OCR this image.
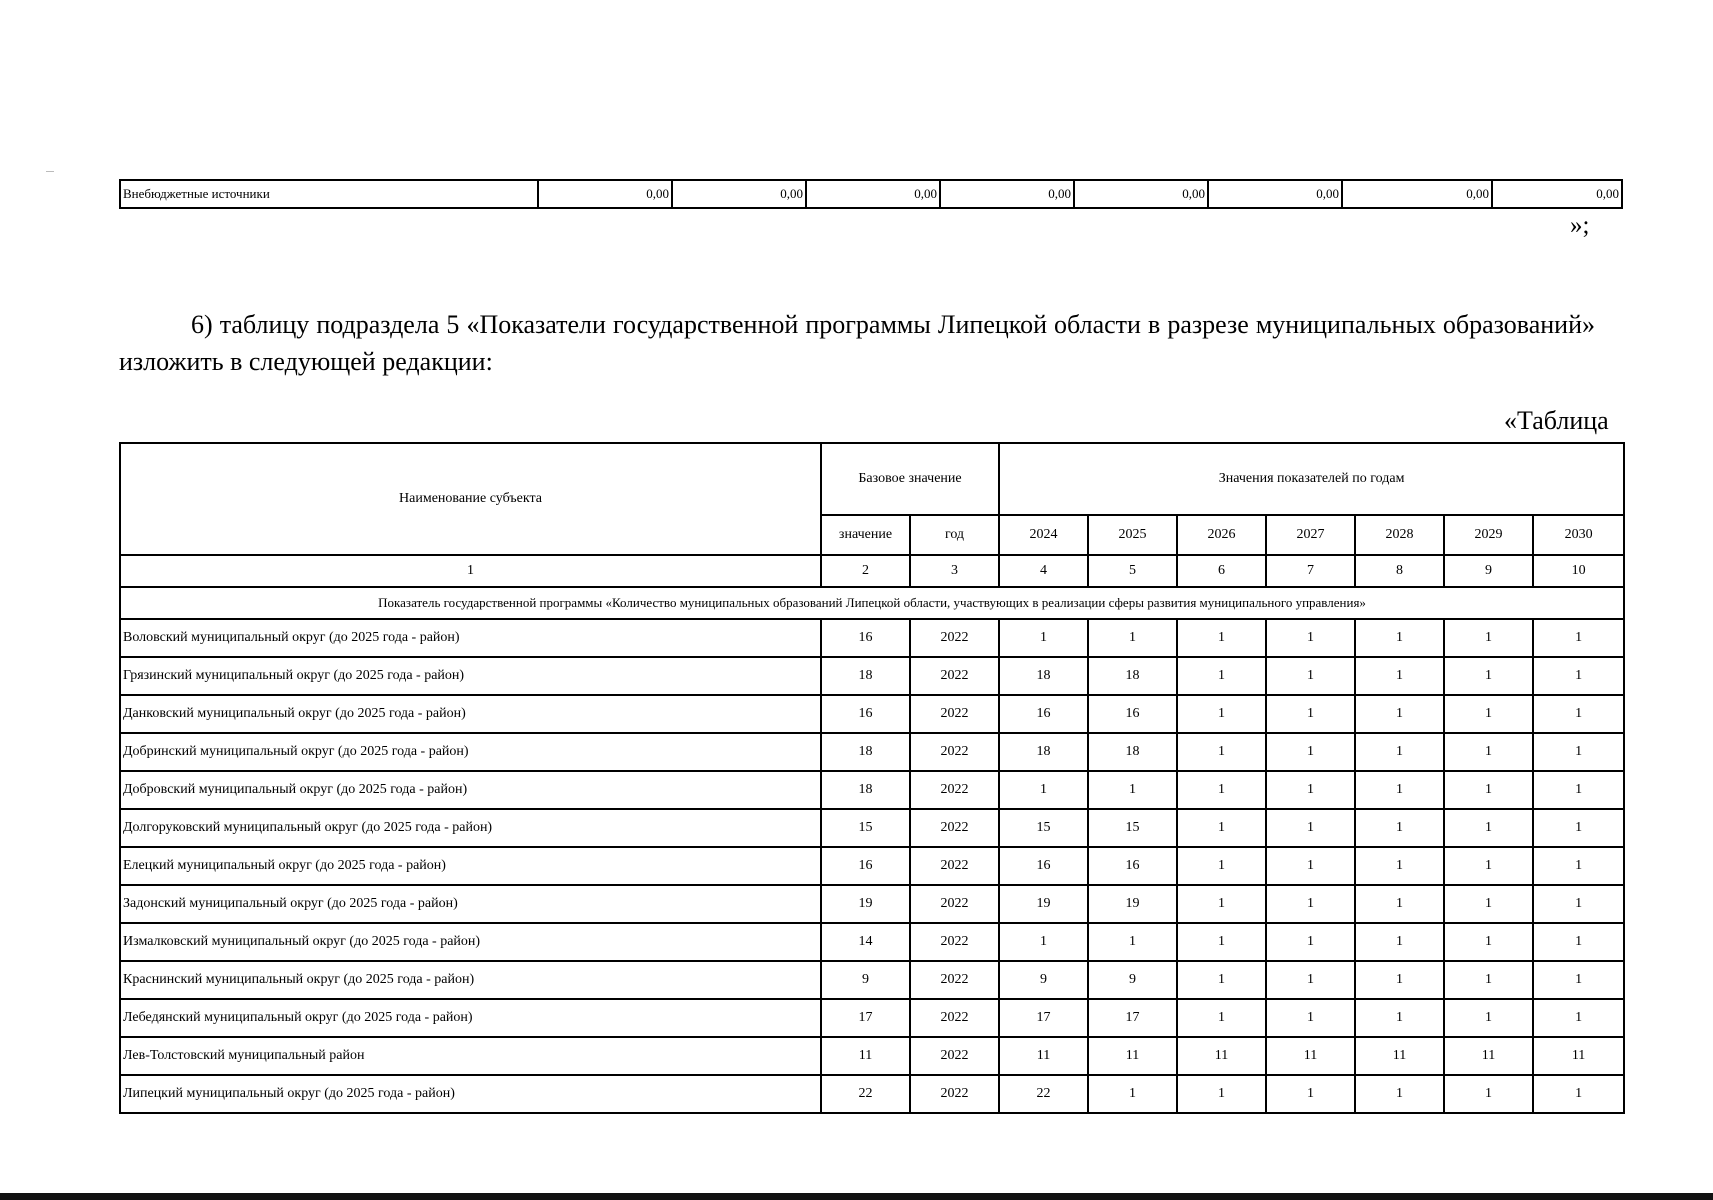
Внебюджетные источники	0,00	0,00	0,00	0,00	0,00	0,00	0,00	0,00
»;
6) таблицу подраздела 5 «Показатели государственной программы Липецкой области в разрезе муниципальных образований» изложить в следующей редакции:
«Таблица
Наименование субъекта	Базовое значение		Значения показателей по годам						
	значение	год	2024	2025	2026	2027	2028	2029	2030
1	2	3	4	5	6	7	8	9	10
Показатель государственной программы «Количество муниципальных образований Липецкой области, участвующих в реализации сферы развития муниципального управления»									
Воловский муниципальный округ (до 2025 года - район)	16	2022	1	1	1	1	1	1	1
Грязинский муниципальный округ (до 2025 года - район)	18	2022	18	18	1	1	1	1	1
Данковский муниципальный округ (до 2025 года - район)	16	2022	16	16	1	1	1	1	1
Добринский муниципальный округ (до 2025 года - район)	18	2022	18	18	1	1	1	1	1
Добровский муниципальный округ (до 2025 года - район)	18	2022	1	1	1	1	1	1	1
Долгоруковский муниципальный округ (до 2025 года - район)	15	2022	15	15	1	1	1	1	1
Елецкий муниципальный округ (до 2025 года - район)	16	2022	16	16	1	1	1	1	1
Задонский муниципальный округ (до 2025 года - район)	19	2022	19	19	1	1	1	1	1
Измалковский муниципальный округ (до 2025 года - район)	14	2022	1	1	1	1	1	1	1
Краснинский муниципальный округ (до 2025 года - район)	9	2022	9	9	1	1	1	1	1
Лебедянский муниципальный округ (до 2025 года - район)	17	2022	17	17	1	1	1	1	1
Лев-Толстовский муниципальный район	11	2022	11	11	11	11	11	11	11
Липецкий муниципальный округ (до 2025 года - район)	22	2022	22	1	1	1	1	1	1
